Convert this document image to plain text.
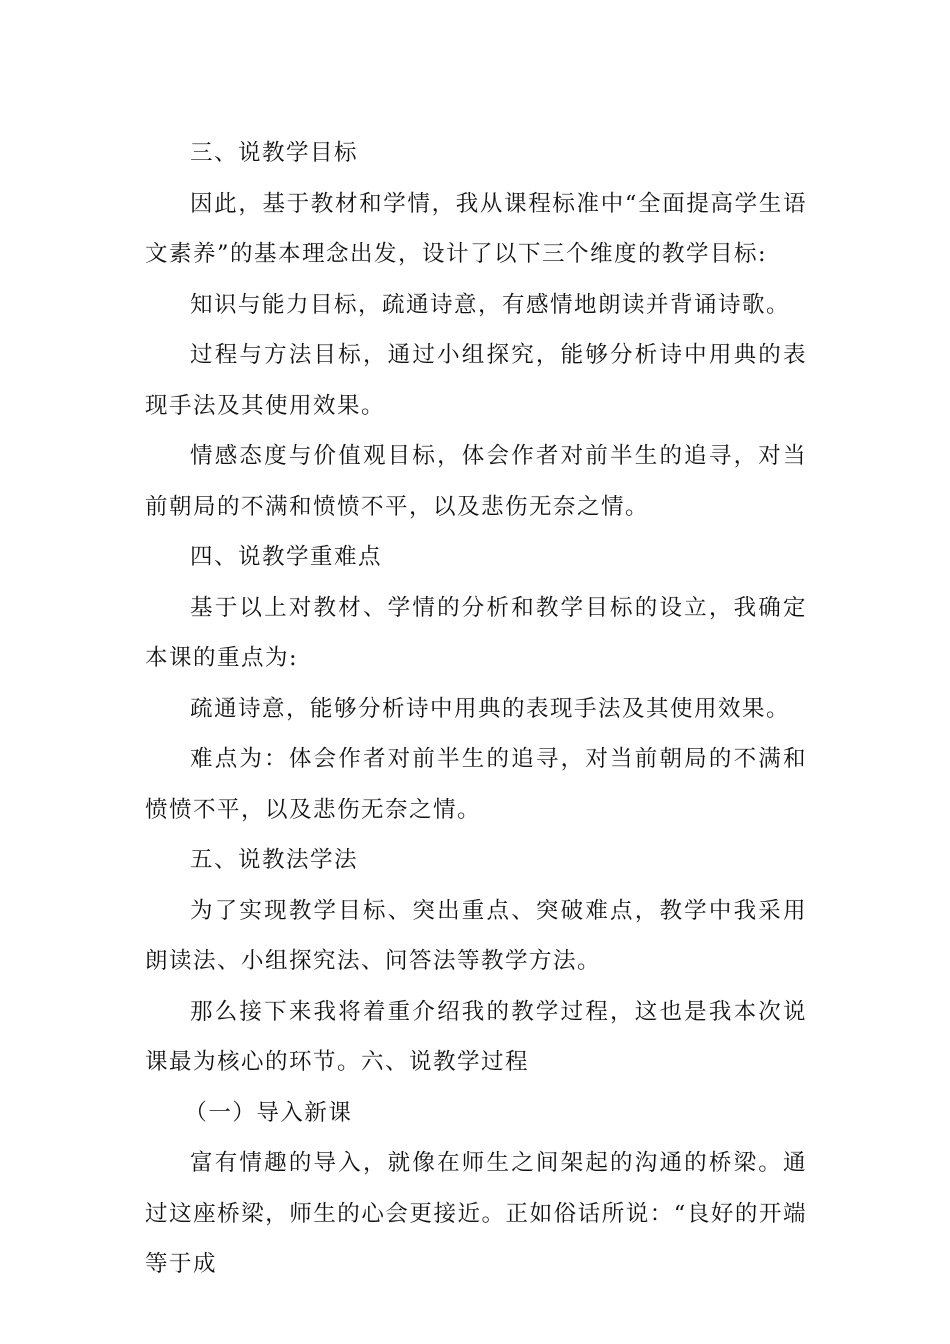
三、说教学目标

因此，基于教材和学情，我从课程标准中“全面提高学生语文素养”的基本理念出发，设计了以下三个维度的教学目标:

知识与能力目标，疏通诗意，有感情地朗读并背诵诗歌。

过程与方法目标，通过小组探究，能够分析诗中用典的表现手法及其使用效果。

情感态度与价值观目标，体会作者对前半生的追寻，对当前朝局的不满和愤愤不平，以及悲伤无奈之情。

四、说教学重难点

基于以上对教材、学情的分析和教学目标的设立，我确定本课的重点为:

疏通诗意，能够分析诗中用典的表现手法及其使用效果。

难点为：体会作者对前半生的追寻，对当前朝局的不满和愤愤不平，以及悲伤无奈之情。

五、说教法学法

为了实现教学目标、突出重点、突破难点，教学中我采用朗读法、小组探究法、问答法等教学方法。

那么接下来我将着重介绍我的教学过程，这也是我本次说课最为核心的环节。六、说教学过程

（一）导入新课

富有情趣的导入，就像在师生之间架起的沟通的桥梁。通过这座桥梁，师生的心会更接近。正如俗话所说：“良好的开端等于成
